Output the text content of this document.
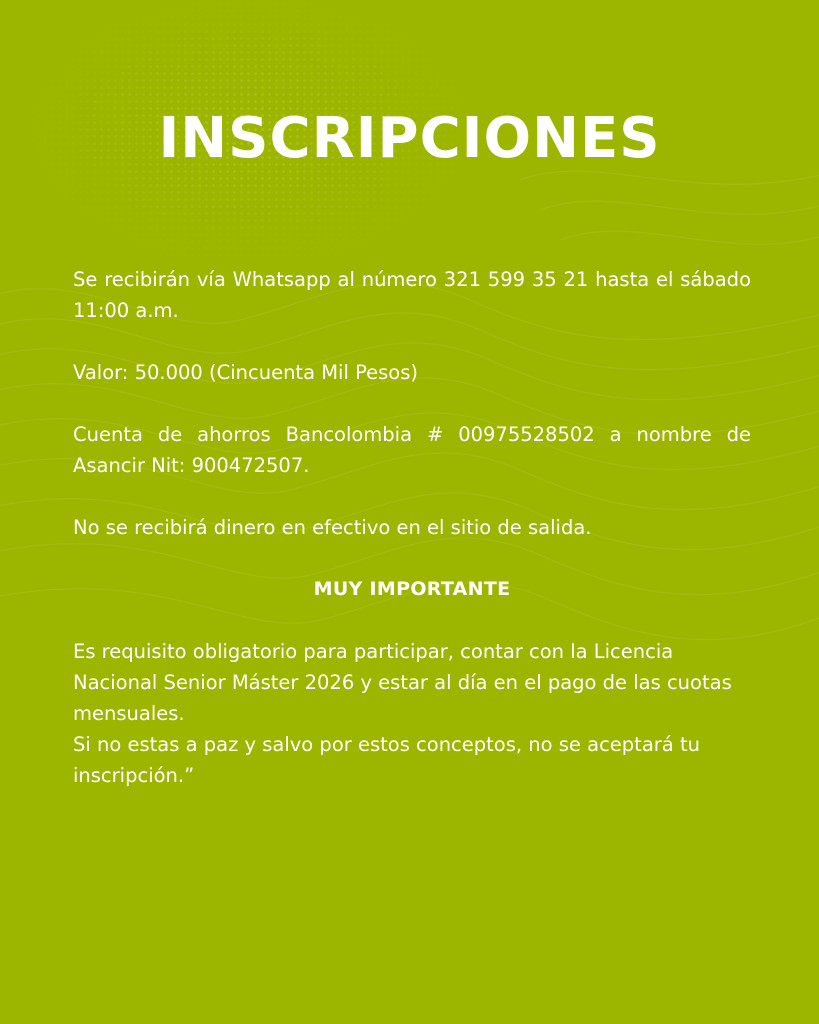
INSCRIPCIONES

Se recibirán vía Whatsapp al número 321 599 35 21 hasta el sábado 11:00 a.m.

Valor: 50.000 (Cincuenta Mil Pesos)

Cuenta de ahorros Bancolombia # 00975528502 a nombre de Asancir Nit: 900472507.

No se recibirá dinero en efectivo en el sitio de salida.

MUY IMPORTANTE

Es requisito obligatorio para participar, contar con la Licencia Nacional Senior Máster 2026 y estar al día en el pago de las cuotas mensuales.

Si no estas a paz y salvo por estos conceptos, no se aceptará tu inscripción.”
